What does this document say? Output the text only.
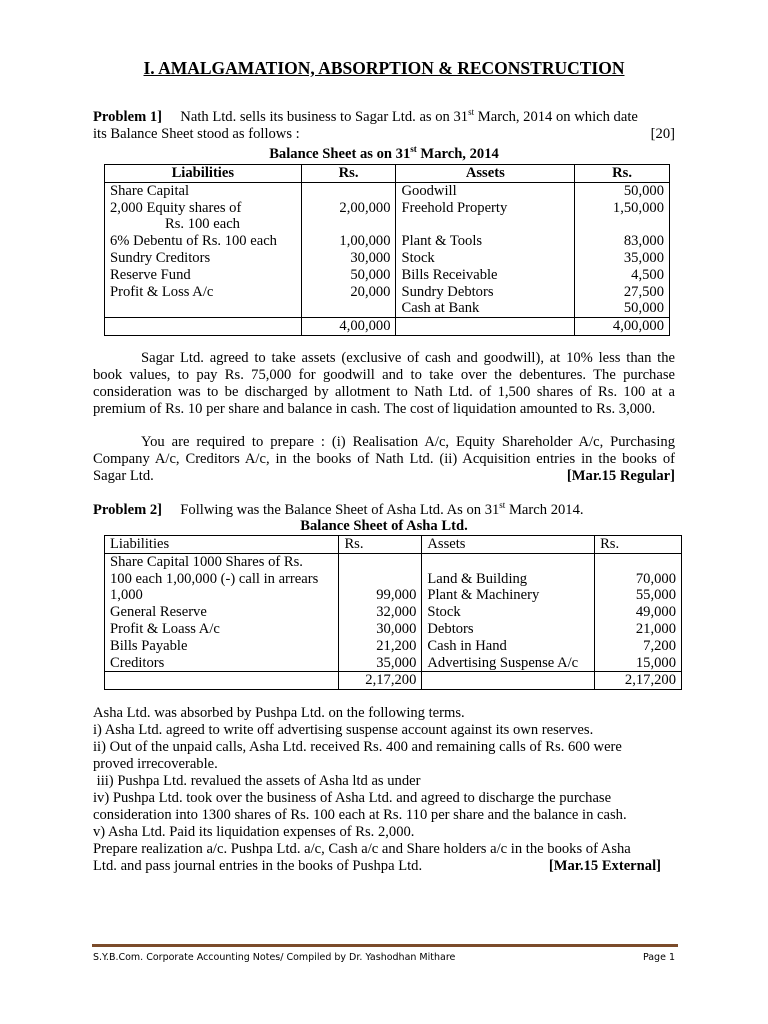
I. AMALGAMATION, ABSORPTION & RECONSTRUCTION
Problem 1] Nath Ltd. sells its business to Sagar Ltd. as on 31st March, 2014 on which date
its Balance Sheet stood as follows :	[20]
Balance Sheet as on 31st March, 2014
Liabilities	Rs.	Assets	Rs.
Share Capital		Goodwill	50,000
2,000 Equity shares of	2,00,000	Freehold Property	1,50,000
Rs. 100 each			
6% Debentu of Rs. 100 each	1,00,000	Plant & Tools	83,000
Sundry Creditors	30,000	Stock	35,000
Reserve Fund	50,000	Bills Receivable	4,500
Profit & Loss A/c	20,000	Sundry Debtors	27,500
		Cash at Bank	50,000
	4,00,000		4,00,000
Sagar Ltd. agreed to take assets (exclusive of cash and goodwill), at 10% less than the book values, to pay Rs. 75,000 for goodwill and to take over the debentures. The purchase consideration was to be discharged by allotment to Nath Ltd. of 1,500 shares of Rs. 100 at a premium of Rs. 10 per share and balance in cash. The cost of liquidation amounted to Rs. 3,000.
You are required to prepare : (i) Realisation A/c, Equity Shareholder A/c, Purchasing Company A/c, Creditors A/c, in the books of Nath Ltd. (ii) Acquisition entries in the books of Sagar Ltd.	[Mar.15 Regular]
Problem 2] Follwing was the Balance Sheet of Asha Ltd. As on 31st March 2014.
Balance Sheet of Asha Ltd.
Liabilities	Rs.	Assets	Rs.
Share Capital 1000 Shares of Rs.			
100 each 1,00,000 (-) call in arrears		Land & Building	70,000
1,000	99,000	Plant & Machinery	55,000
General Reserve	32,000	Stock	49,000
Profit & Loass A/c	30,000	Debtors	21,000
Bills Payable	21,200	Cash in Hand	7,200
Creditors	35,000	Advertising Suspense A/c	15,000
	2,17,200		2,17,200
Asha Ltd. was absorbed by Pushpa Ltd. on the following terms.
i) Asha Ltd. agreed to write off advertising suspense account against its own reserves.
ii) Out of the unpaid calls, Asha Ltd. received Rs. 400 and remaining calls of Rs. 600 were
proved irrecoverable.
iii) Pushpa Ltd. revalued the assets of Asha ltd as under
iv) Pushpa Ltd. took over the business of Asha Ltd. and agreed to discharge the purchase
consideration into 1300 shares of Rs. 100 each at Rs. 110 per share and the balance in cash.
v) Asha Ltd. Paid its liquidation expenses of Rs. 2,000.
Prepare realization a/c. Pushpa Ltd. a/c, Cash a/c and Share holders a/c in the books of Asha
Ltd. and pass journal entries in the books of Pushpa Ltd.	[Mar.15 External]
S.Y.B.Com. Corporate Accounting Notes/ Compiled by Dr. Yashodhan Mithare	Page 1
